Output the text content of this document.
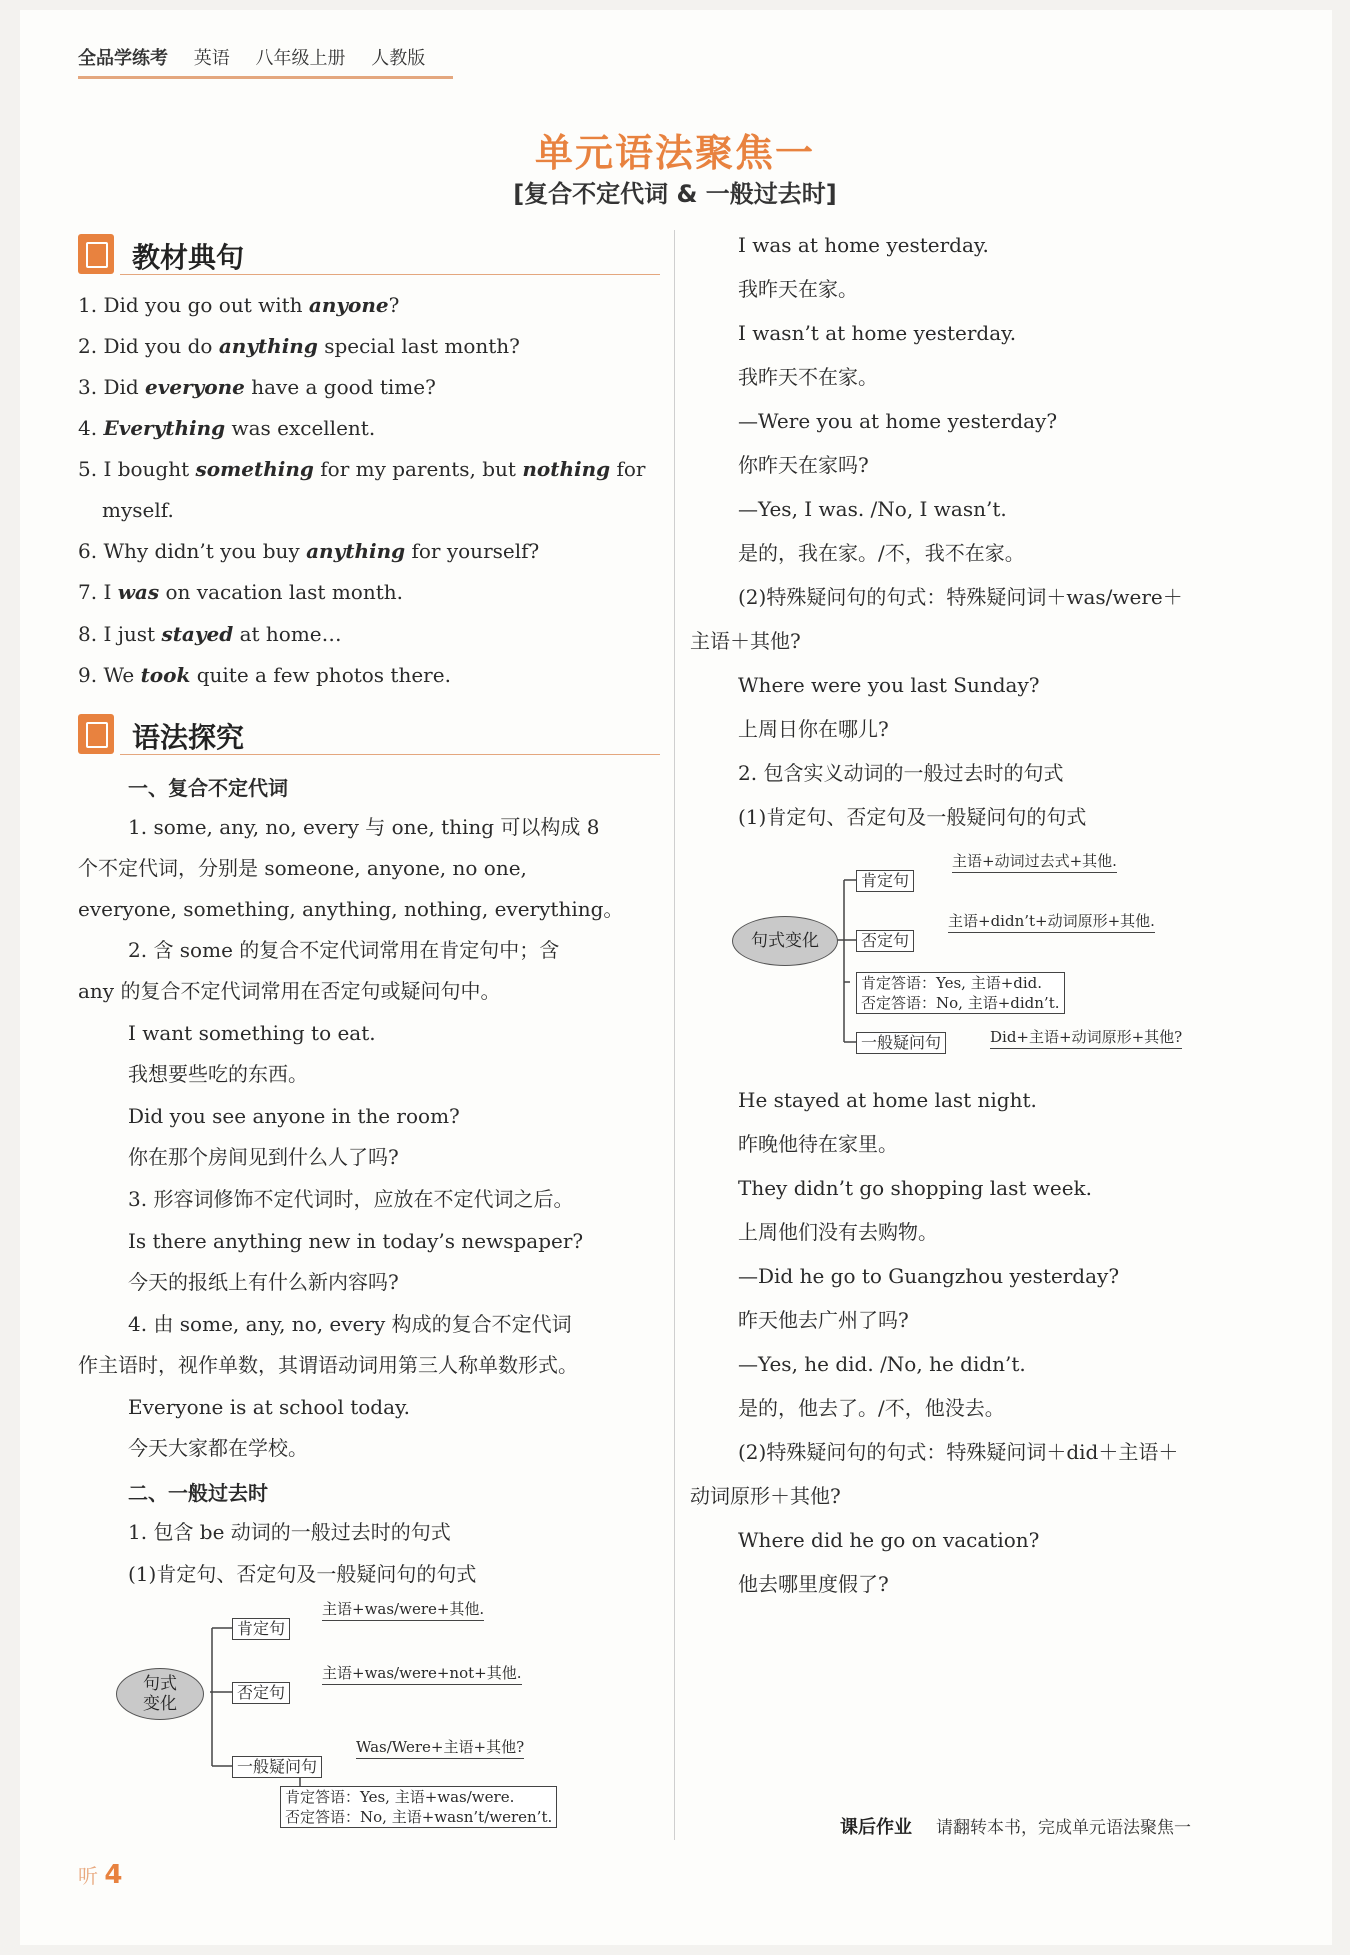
全品学练考 英语 八年级上册 人教版
单元语法聚焦一
[复合不定代词 & 一般过去时]
教材典句
1. Did you go out with anyone?
2. Did you do anything special last month?
3. Did everyone have a good time?
4. Everything was excellent.
5. I bought something for my parents, but nothing for
myself.
6. Why didn’t you buy anything for yourself?
7. I was on vacation last month.
8. I just stayed at home…
9. We took quite a few photos there.
语法探究
一、复合不定代词
1. some, any, no, every 与 one, thing 可以构成 8
个不定代词，分别是 someone, anyone, no one,
everyone, something, anything, nothing, everything。
2. 含 some 的复合不定代词常用在肯定句中；含
any 的复合不定代词常用在否定句或疑问句中。
I want something to eat.
我想要些吃的东西。
Did you see anyone in the room?
你在那个房间见到什么人了吗?
3. 形容词修饰不定代词时，应放在不定代词之后。
Is there anything new in today’s newspaper?
今天的报纸上有什么新内容吗?
4. 由 some, any, no, every 构成的复合不定代词
作主语时，视作单数，其谓语动词用第三人称单数形式。
Everyone is at school today.
今天大家都在学校。
二、一般过去时
1. 包含 be 动词的一般过去时的句式
(1)肯定句、否定句及一般疑问句的句式
句式
变化
肯定句
否定句
一般疑问句
主语+was/were+其他.
主语+was/were+not+其他.
Was/Were+主语+其他?
肯定答语：Yes, 主语+was/were.
否定答语：No, 主语+wasn’t/weren’t.
I was at home yesterday.
我昨天在家。
I wasn’t at home yesterday.
我昨天不在家。
—Were you at home yesterday?
你昨天在家吗?
—Yes, I was. /No, I wasn’t.
是的，我在家。/不，我不在家。
(2)特殊疑问句的句式：特殊疑问词＋was/were＋
主语＋其他?
Where were you last Sunday?
上周日你在哪儿?
2. 包含实义动词的一般过去时的句式
(1)肯定句、否定句及一般疑问句的句式
句式变化
肯定句
否定句
一般疑问句
主语+动词过去式+其他.
主语+didn’t+动词原形+其他.
Did+主语+动词原形+其他?
肯定答语：Yes, 主语+did.
否定答语：No, 主语+didn’t.
He stayed at home last night.
昨晚他待在家里。
They didn’t go shopping last week.
上周他们没有去购物。
—Did he go to Guangzhou yesterday?
昨天他去广州了吗?
—Yes, he did. /No, he didn’t.
是的，他去了。/不，他没去。
(2)特殊疑问句的句式：特殊疑问词＋did＋主语＋
动词原形＋其他?
Where did he go on vacation?
他去哪里度假了?
课后作业 请翻转本书，完成单元语法聚焦一
听 4
